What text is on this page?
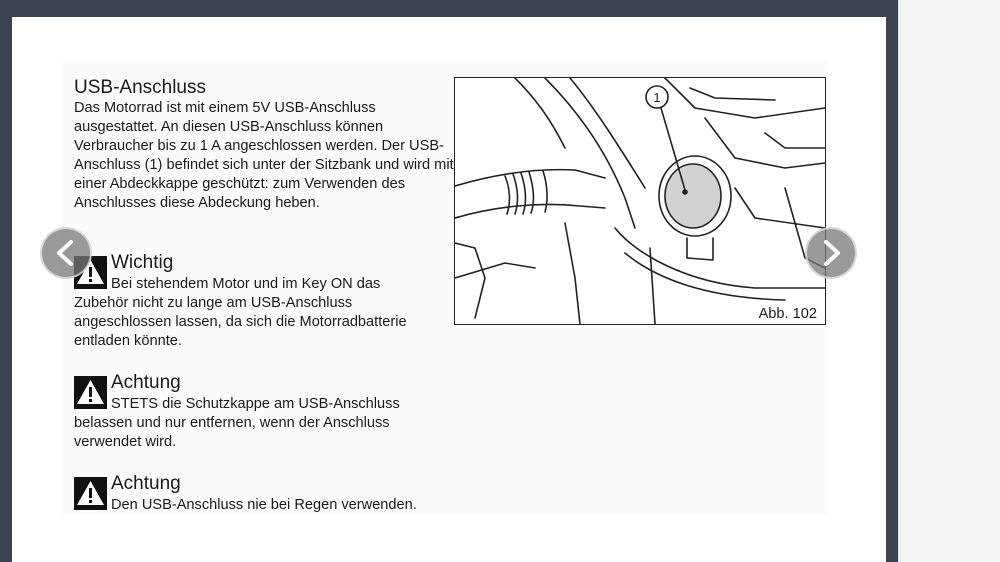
USB-Anschluss
Das Motorrad ist mit einem 5V USB-Anschluss ausgestattet. An diesen USB-Anschluss können Verbraucher bis zu 1 A angeschlossen werden. Der USB-Anschluss (1) befindet sich unter der Sitzbank und wird mit einer Abdeckkappe geschützt: zum Verwenden des Anschlusses diese Abdeckung heben.
Wichtig
Bei stehendem Motor und im Key ON das
Zubehör nicht zu lange am USB-Anschluss angeschlossen lassen, da sich die Motorradbatterie entladen könnte.
Achtung
STETS die Schutzkappe am USB-Anschluss
belassen und nur entfernen, wenn der Anschluss verwendet wird.
Achtung
Den USB-Anschluss nie bei Regen verwenden.
1
Abb. 102
